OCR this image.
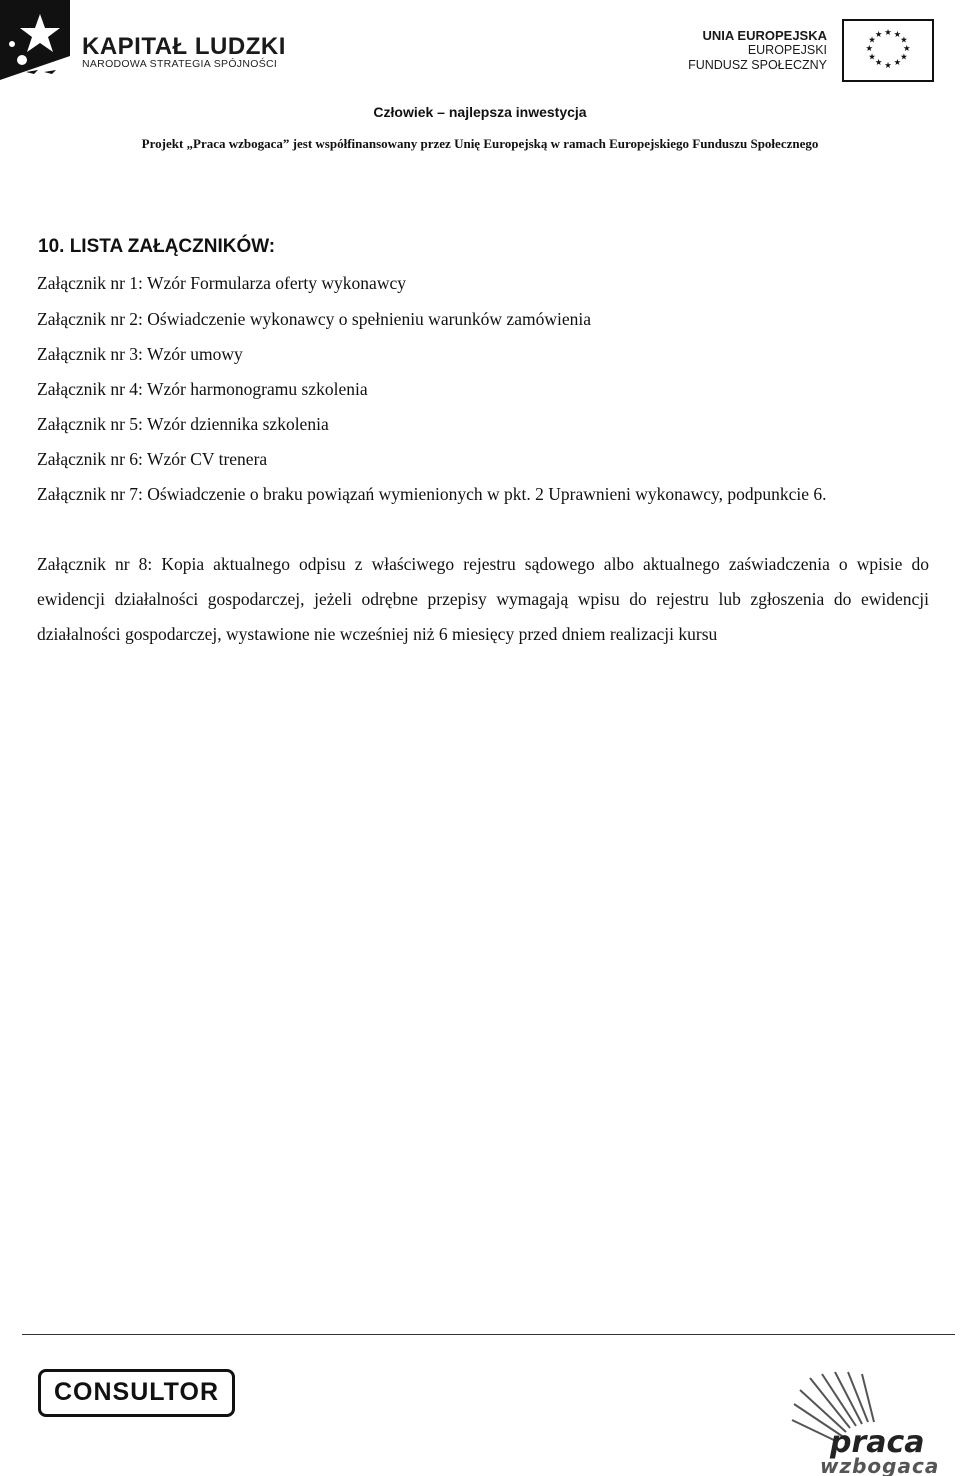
KAPITAŁ LUDZKI
NARODOWA STRATEGIA SPÓJNOŚCI
UNIA EUROPEJSKA
EUROPEJSKI
FUNDUSZ SPOŁECZNY
★ ★
★
★
★
★
★
★
★
★
★
★
Człowiek – najlepsza inwestycja
Projekt „Praca wzbogaca” jest współfinansowany przez Unię Europejską w ramach Europejskiego Funduszu Społecznego
10. LISTA ZAŁĄCZNIKÓW:
Załącznik nr 1: Wzór Formularza oferty wykonawcy
Załącznik nr 2: Oświadczenie wykonawcy o spełnieniu warunków zamówienia
Załącznik nr 3: Wzór umowy
Załącznik nr 4: Wzór harmonogramu szkolenia
Załącznik nr 5: Wzór dziennika szkolenia
Załącznik nr 6: Wzór CV trenera
Załącznik nr 7: Oświadczenie o braku powiązań wymienionych w pkt. 2 Uprawnieni wykonawcy, podpunkcie 6.
Załącznik nr 8: Kopia aktualnego odpisu z właściwego rejestru sądowego albo aktualnego zaświadczenia o wpisie do ewidencji działalności gospodarczej, jeżeli odrębne przepisy wymagają wpisu do rejestru lub zgłoszenia do ewidencji działalności gospodarczej, wystawione nie wcześniej niż 6 miesięcy przed dniem realizacji kursu
CONSULTOR
praca
wzbogaca
